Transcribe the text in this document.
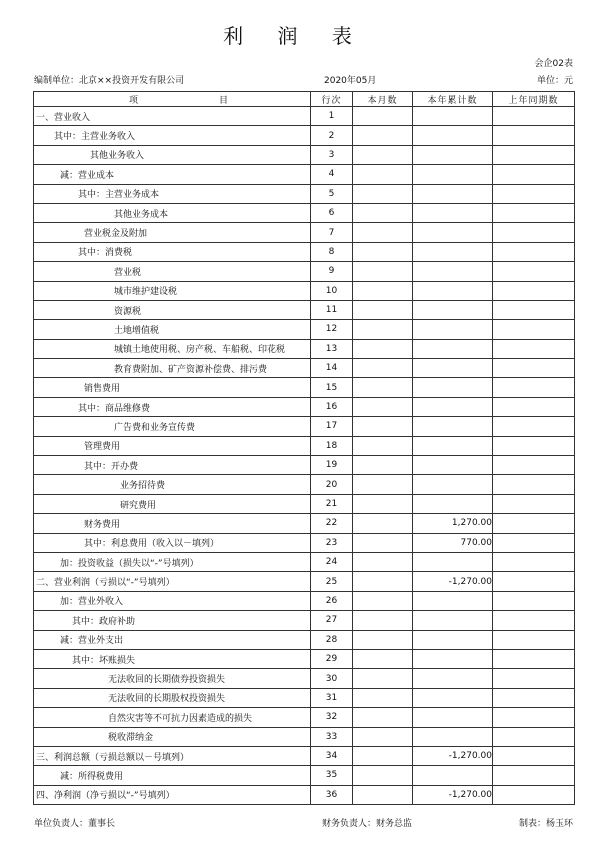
利 润 表
会企02表
编制单位：北京××投资开发有限公司	2020年05月	单位：元
项 目	行次	本月数	本年累计数	上年同期数
一、营业收入	1			
其中：主营业务收入	2			
其他业务收入	3			
减：营业成本	4			
其中：主营业务成本	5			
其他业务成本	6			
营业税金及附加	7			
其中：消费税	8			
营业税	9			
城市维护建设税	10			
资源税	11			
土地增值税	12			
城镇土地使用税、房产税、车船税、印花税	13			
教育费附加、矿产资源补偿费、排污费	14			
销售费用	15			
其中：商品维修费	16			
广告费和业务宣传费	17			
管理费用	18			
其中：开办费	19			
业务招待费	20			
研究费用	21			
财务费用	22		1,270.00	
其中：利息费用（收入以－填列）	23		770.00	
加：投资收益（损失以“-”号填列）	24			
二、营业利润（亏损以“-”号填列）	25		-1,270.00	
加：营业外收入	26			
其中：政府补助	27			
减：营业外支出	28			
其中：坏账损失	29			
无法收回的长期债券投资损失	30			
无法收回的长期股权投资损失	31			
自然灾害等不可抗力因素造成的损失	32			
税收滞纳金	33			
三、利润总额（亏损总额以－号填列）	34		-1,270.00	
减：所得税费用	35			
四、净利润（净亏损以“-”号填列）	36		-1,270.00	
单位负责人：董事长	财务负责人：财务总监	制表：杨玉环
